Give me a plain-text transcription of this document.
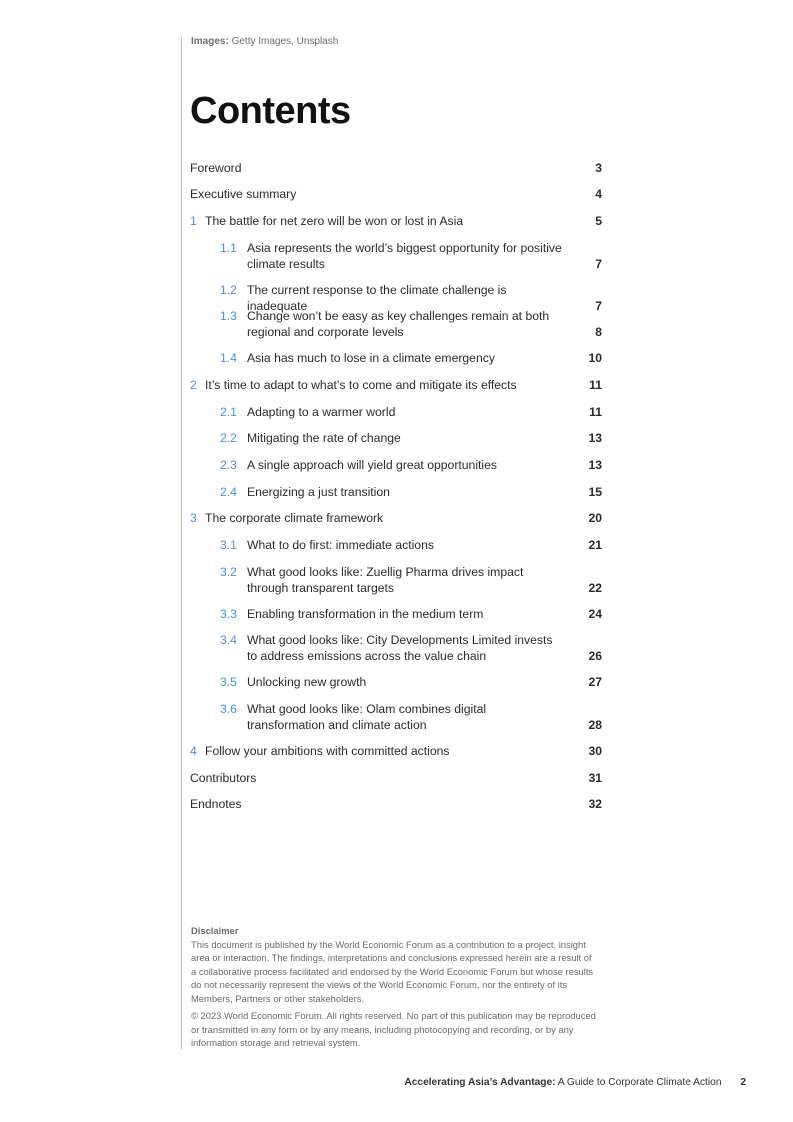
Images: Getty Images, Unsplash
Contents
Foreword	3
Executive summary	4
1 The battle for net zero will be won or lost in Asia	5
1.1 Asia represents the world’s biggest opportunity for positive climate results	7
1.2 The current response to the climate challenge is inadequate	7
1.3 Change won’t be easy as key challenges remain at both regional and corporate levels	8
1.4 Asia has much to lose in a climate emergency	10
2 It’s time to adapt to what’s to come and mitigate its effects	11
2.1 Adapting to a warmer world	11
2.2 Mitigating the rate of change	13
2.3 A single approach will yield great opportunities	13
2.4 Energizing a just transition	15
3 The corporate climate framework	20
3.1 What to do first: immediate actions	21
3.2 What good looks like: Zuellig Pharma drives impact through transparent targets	22
3.3 Enabling transformation in the medium term	24
3.4 What good looks like: City Developments Limited invests to address emissions across the value chain	26
3.5 Unlocking new growth	27
3.6 What good looks like: Olam combines digital transformation and climate action	28
4 Follow your ambitions with committed actions	30
Contributors	31
Endnotes	32
Disclaimer
This document is published by the World Economic Forum as a contribution to a project, insight area or interaction. The findings, interpretations and conclusions expressed herein are a result of a collaborative process facilitated and endorsed by the World Economic Forum but whose results do not necessarily represent the views of the World Economic Forum, nor the entirety of its Members, Partners or other stakeholders.
© 2023 World Economic Forum. All rights reserved. No part of this publication may be reproduced or transmitted in any form or by any means, including photocopying and recording, or by any information storage and retrieval system.
Accelerating Asia’s Advantage: A Guide to Corporate Climate Action 2
